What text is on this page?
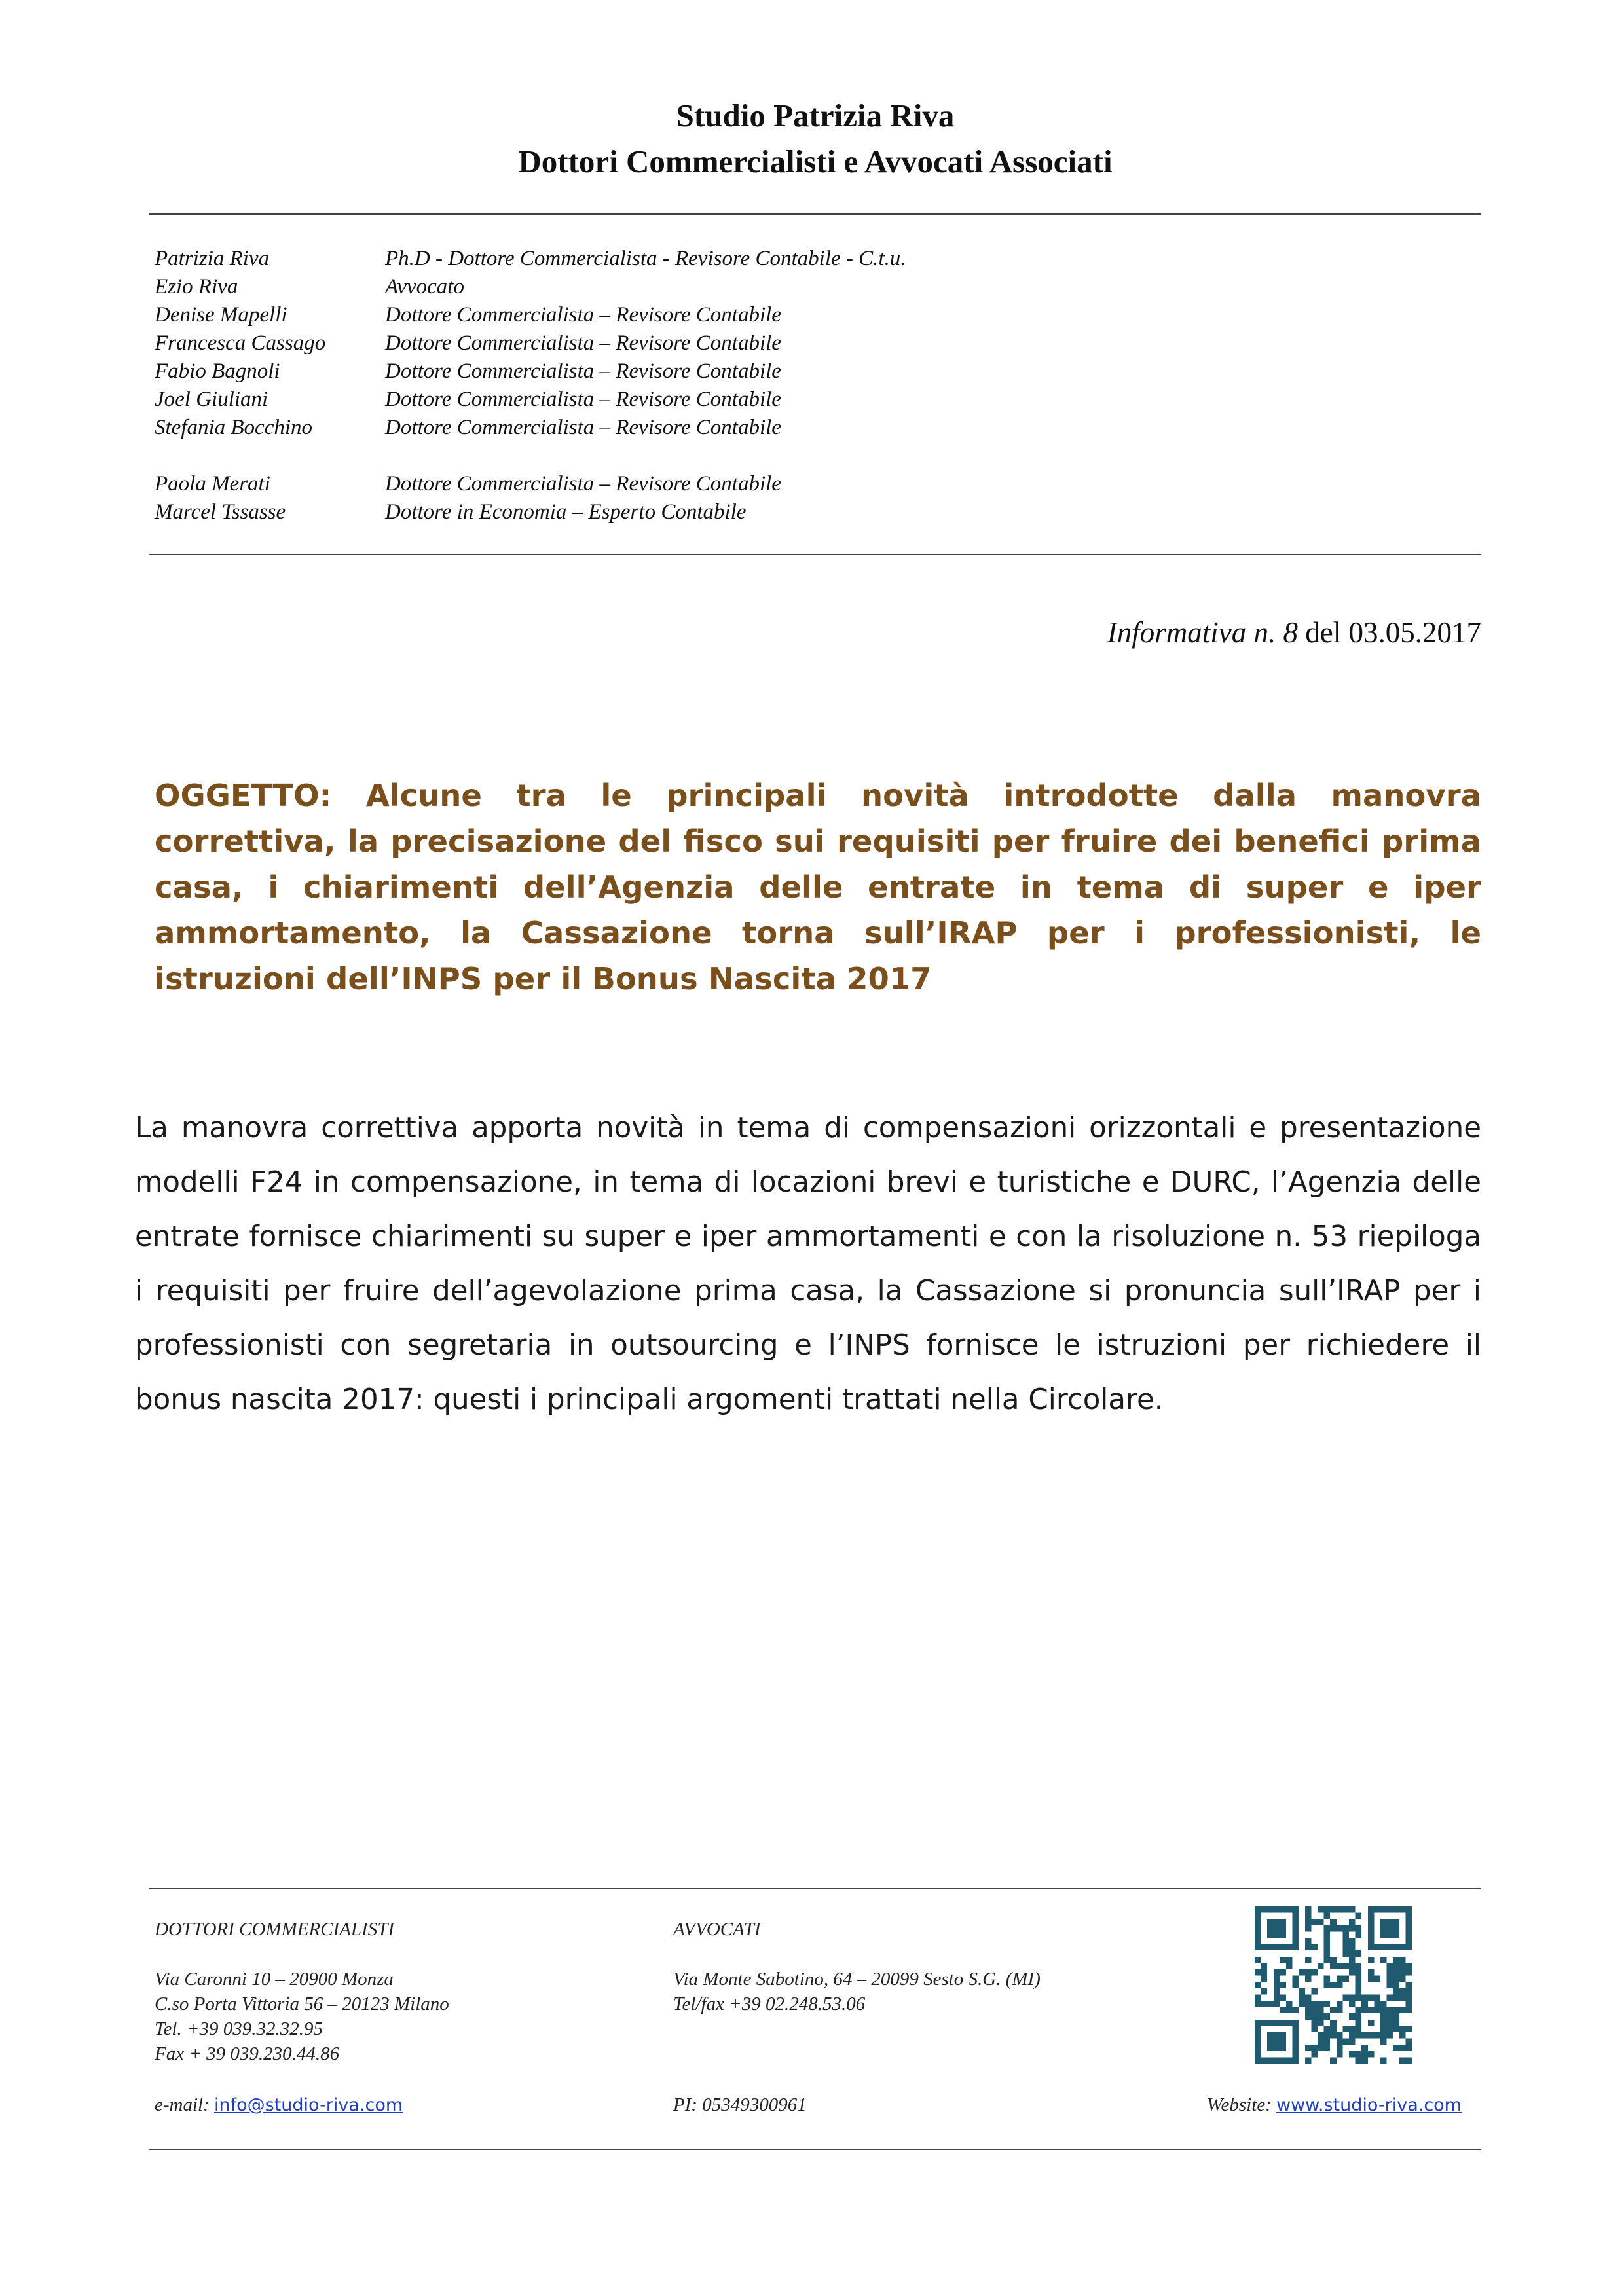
Studio Patrizia Riva
Dottori Commercialisti e Avvocati Associati
Patrizia Riva	Ph.D - Dottore Commercialista - Revisore Contabile - C.t.u.
Ezio Riva	Avvocato
Denise Mapelli	Dottore Commercialista – Revisore Contabile
Francesca Cassago	Dottore Commercialista – Revisore Contabile
Fabio Bagnoli	Dottore Commercialista – Revisore Contabile
Joel Giuliani	Dottore Commercialista – Revisore Contabile
Stefania Bocchino	Dottore Commercialista – Revisore Contabile
Paola Merati	Dottore Commercialista – Revisore Contabile
Marcel Tssasse	Dottore in Economia – Esperto Contabile
Informativa n. 8 del 03.05.2017
OGGETTO: Alcune tra le principali novità introdotte dalla manovra correttiva, la precisazione del fisco sui requisiti per fruire dei benefici prima casa, i chiarimenti dell’Agenzia delle entrate in tema di super e iper ammortamento, la Cassazione torna sull’IRAP per i professionisti, le istruzioni dell’INPS per il Bonus Nascita 2017
La manovra correttiva apporta novità in tema di compensazioni orizzontali e presentazione modelli F24 in compensazione, in tema di locazioni brevi e turistiche e DURC, l’Agenzia delle entrate fornisce chiarimenti su super e iper ammortamenti e con la risoluzione n. 53 riepiloga i requisiti per fruire dell’agevolazione prima casa, la Cassazione si pronuncia sull’IRAP per i professionisti con segretaria in outsourcing e l’INPS fornisce le istruzioni per richiedere il bonus nascita 2017: questi i principali argomenti trattati nella Circolare.
DOTTORI COMMERCIALISTI
Via Caronni 10 – 20900 Monza
C.so Porta Vittoria 56 – 20123 Milano
Tel. +39 039.32.32.95
Fax + 39 039.230.44.86
e-mail: info@studio-riva.com
AVVOCATI
Via Monte Sabotino, 64 – 20099 Sesto S.G. (MI)
Tel/fax +39 02.248.53.06
PI: 05349300961	Website: www.studio-riva.com
